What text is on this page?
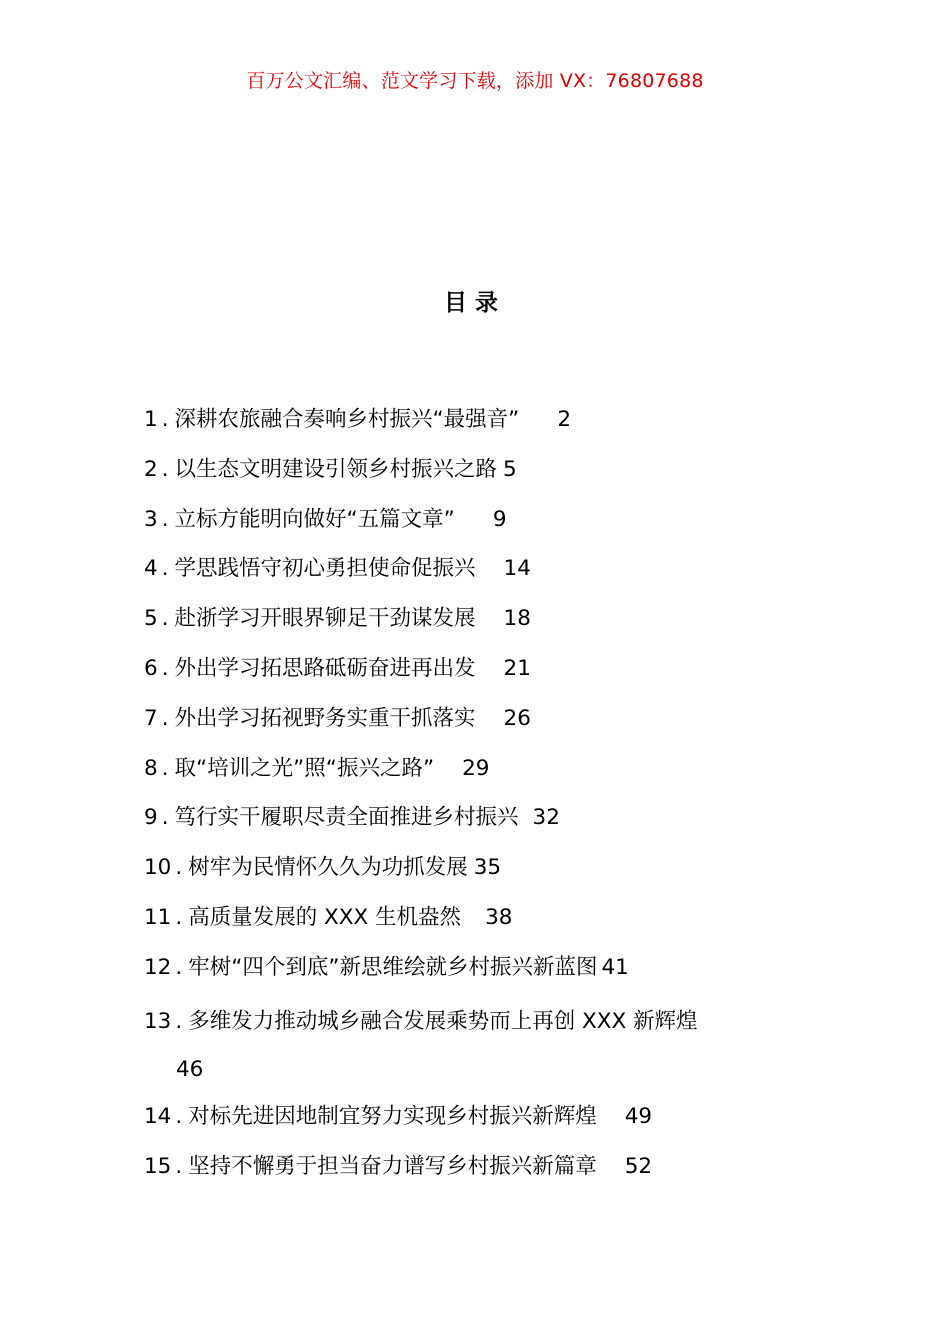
百万公文汇编、范文学习下载，添加 VX：76807688
目录
1 . 深耕农旅融合奏响乡村振兴“最强音” 2
2 . 以生态文明建设引领乡村振兴之路 5
3 . 立标方能明向做好“五篇文章” 9
4 . 学思践悟守初心勇担使命促振兴 14
5 . 赴浙学习开眼界铆足干劲谋发展 18
6 . 外出学习拓思路砥砺奋进再出发 21
7 . 外出学习拓视野务实重干抓落实 26
8 . 取“培训之光”照“振兴之路” 29
9 . 笃行实干履职尽责全面推进乡村振兴 32
10 . 树牢为民情怀久久为功抓发展 35
11 . 高质量发展的 XXX 生机盎然 38
12 . 牢树“四个到底”新思维绘就乡村振兴新蓝图 41
13 . 多维发力推动城乡融合发展乘势而上再创 XXX 新辉煌
46
14 . 对标先进因地制宜努力实现乡村振兴新辉煌 49
15 . 坚持不懈勇于担当奋力谱写乡村振兴新篇章 52
